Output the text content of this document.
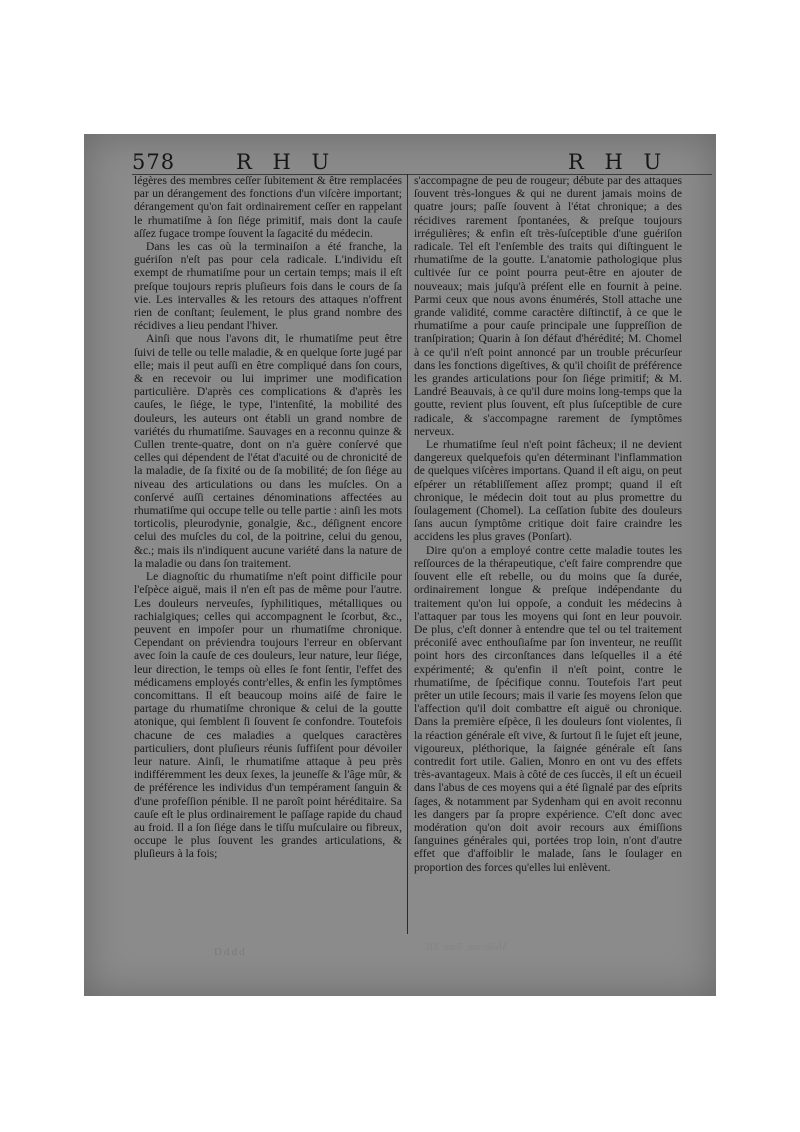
578	R H U	R H U

légères des membres ceſſer ſubitement & être remplacées par un dérangement des fonctions d'un viſcère important; dérangement qu'on fait ordinairement ceſſer en rappelant le rhumatiſme à ſon ſiége primitif, mais dont la cauſe aſſez fugace trompe ſouvent la ſagacité du médecin.

Dans les cas où la terminaiſon a été franche, la guériſon n'eſt pas pour cela radicale. L'individu eſt exempt de rhumatiſme pour un certain temps; mais il eſt preſque toujours repris pluſieurs fois dans le cours de ſa vie. Les intervalles & les retours des attaques n'offrent rien de conſtant; ſeulement, le plus grand nombre des récidives a lieu pendant l'hiver.

Ainſi que nous l'avons dit, le rhumatiſme peut être ſuivi de telle ou telle maladie, & en quelque ſorte jugé par elle; mais il peut auſſi en être compliqué dans ſon cours, & en recevoir ou lui imprimer une modification particulière. D'après ces complications & d'après les cauſes, le ſiége, le type, l'intenſité, la mobilité des douleurs, les auteurs ont établi un grand nombre de variétés du rhumatiſme. Sauvages en a reconnu quinze & Cullen trente-quatre, dont on n'a guère conſervé que celles qui dépendent de l'état d'acuité ou de chronicité de la maladie, de ſa fixité ou de ſa mobilité; de ſon ſiége au niveau des articulations ou dans les muſcles. On a conſervé auſſi certaines dénominations affectées au rhumatiſme qui occupe telle ou telle partie : ainſi les mots torticolis, pleurodynie, gonalgie, &c., déſignent encore celui des muſcles du col, de la poitrine, celui du genou, &c.; mais ils n'indiquent aucune variété dans la nature de la maladie ou dans ſon traitement.

Le diagnoſtic du rhumatiſme n'eſt point difficile pour l'eſpèce aiguë, mais il n'en eſt pas de même pour l'autre. Les douleurs nerveuſes, ſyphilitiques, métalliques ou rachialgiques; celles qui accompagnent le ſcorbut, &c., peuvent en impoſer pour un rhumatiſme chronique. Cependant on préviendra toujours l'erreur en obſervant avec ſoin la cauſe de ces douleurs, leur nature, leur ſiége, leur direction, le temps où elles ſe font ſentir, l'effet des médicamens employés contr'elles, & enfin les ſymptômes concomittans. Il eſt beaucoup moins aiſé de faire le partage du rhumatiſme chronique & celui de la goutte atonique, qui ſemblent ſi ſouvent ſe confondre. Toutefois chacune de ces maladies a quelques caractères particuliers, dont pluſieurs réunis ſuffiſent pour dévoiler leur nature. Ainſi, le rhumatiſme attaque à peu près indifféremment les deux ſexes, la jeuneſſe & l'âge mûr, & de préférence les individus d'un tempérament ſanguin & d'une profeſſion pénible. Il ne paroît point héréditaire. Sa cauſe eſt le plus ordinairement le paſſage rapide du chaud au froid. Il a ſon ſiége dans le tiſſu muſculaire ou fibreux, occupe le plus ſouvent les grandes articulations, & pluſieurs à la fois;

s'accompagne de peu de rougeur; débute par des attaques ſouvent très-longues & qui ne durent jamais moins de quatre jours; paſſe ſouvent à l'état chronique; a des récidives rarement ſpontanées, & preſque toujours irrégulières; & enfin eſt très-ſuſceptible d'une guériſon radicale. Tel eſt l'enſemble des traits qui diſtinguent le rhumatiſme de la goutte. L'anatomie pathologique plus cultivée ſur ce point pourra peut-être en ajouter de nouveaux; mais juſqu'à préſent elle en fournit à peine. Parmi ceux que nous avons énumérés, Stoll attache une grande validité, comme caractère diſtinctif, à ce que le rhumatiſme a pour cauſe principale une ſuppreſſion de tranſpiration; Quarin à ſon défaut d'hérédité; M. Chomel à ce qu'il n'eſt point annoncé par un trouble précurſeur dans les fonctions digeſtives, & qu'il choiſit de préférence les grandes articulations pour ſon ſiége primitif; & M. Landré Beauvais, à ce qu'il dure moins long-temps que la goutte, revient plus ſouvent, eſt plus ſuſceptible de cure radicale, & s'accompagne rarement de ſymptômes nerveux.

Le rhumatiſme ſeul n'eſt point fâcheux; il ne devient dangereux quelquefois qu'en déterminant l'inflammation de quelques viſcères importans. Quand il eſt aigu, on peut eſpérer un rétabliſſement aſſez prompt; quand il eſt chronique, le médecin doit tout au plus promettre du ſoulagement (Chomel). La ceſſation ſubite des douleurs ſans aucun ſymptôme critique doit faire craindre les accidens les plus graves (Ponſart).

Dire qu'on a employé contre cette maladie toutes les reſſources de la thérapeutique, c'eſt faire comprendre que ſouvent elle eſt rebelle, ou du moins que ſa durée, ordinairement longue & preſque indépendante du traitement qu'on lui oppoſe, a conduit les médecins à l'attaquer par tous les moyens qui ſont en leur pouvoir. De plus, c'eſt donner à entendre que tel ou tel traitement préconiſé avec enthouſiaſme par ſon inventeur, ne reuſſit point hors des circonſtances dans leſquelles il a été expérimenté; & qu'enfin il n'eſt point, contre le rhumatiſme, de ſpécifique connu. Toutefois l'art peut prêter un utile ſecours; mais il varie ſes moyens ſelon que l'affection qu'il doit combattre eſt aiguë ou chronique. Dans la première eſpèce, ſi les douleurs ſont violentes, ſi la réaction générale eſt vive, & ſurtout ſi le ſujet eſt jeune, vigoureux, pléthorique, la ſaignée générale eſt ſans contredit fort utile. Galien, Monro en ont vu des effets très-avantageux. Mais à côté de ces ſuccès, il eſt un écueil dans l'abus de ces moyens qui a été ſignalé par des eſprits ſages, & notamment par Sydenham qui en avoit reconnu les dangers par ſa propre expérience. C'eſt donc avec modération qu'on doit avoir recours aux émiſſions ſanguines générales qui, portées trop loin, n'ont d'autre effet que d'affoiblir le malade, ſans le ſoulager en proportion des forces qu'elles lui enlèvent.

Dddd	Médecine. Tome XII.
